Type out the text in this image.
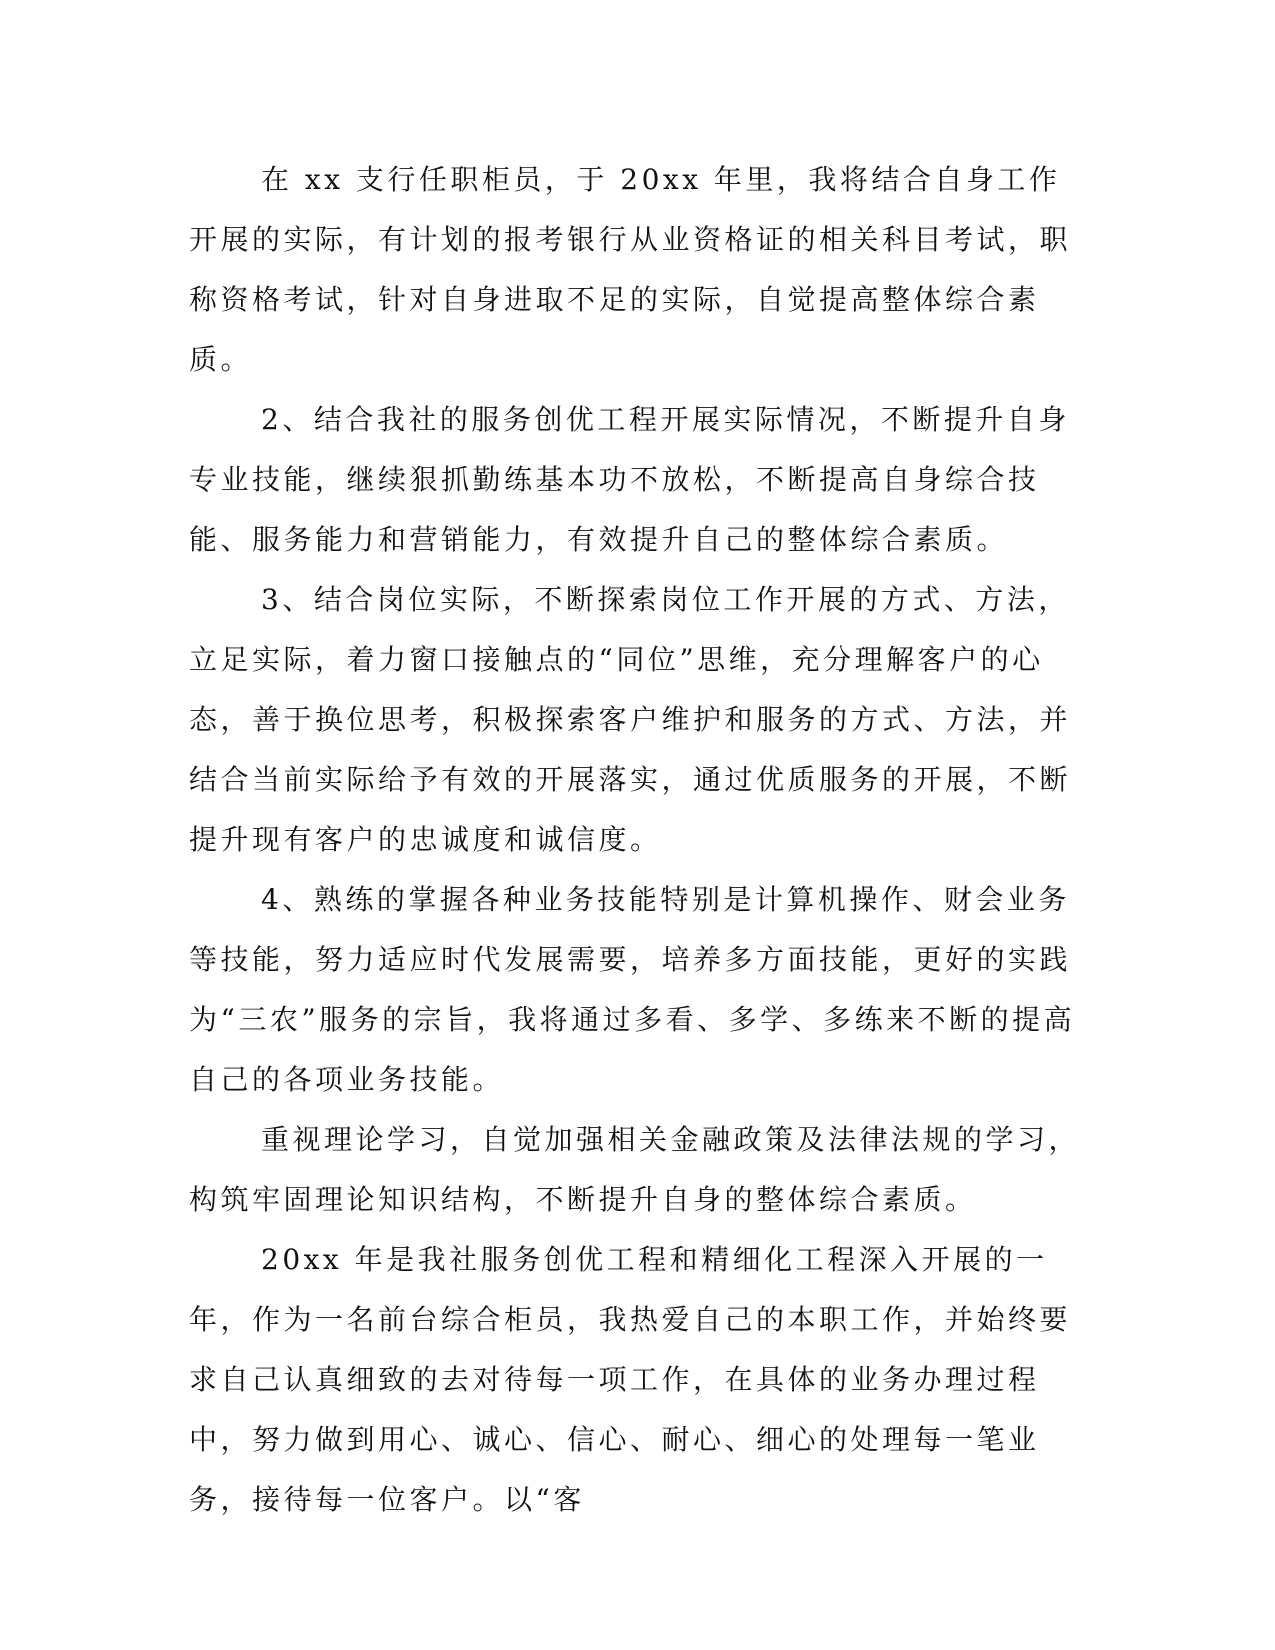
在 xx 支行任职柜员，于 20xx 年里，我将结合自身工作开展的实际，有计划的报考银行从业资格证的相关科目考试，职称资格考试，针对自身进取不足的实际，自觉提高整体综合素质。

2、结合我社的服务创优工程开展实际情况，不断提升自身专业技能，继续狠抓勤练基本功不放松，不断提高自身综合技能、服务能力和营销能力，有效提升自己的整体综合素质。

3、结合岗位实际，不断探索岗位工作开展的方式、方法，立足实际，着力窗口接触点的“同位”思维，充分理解客户的心态，善于换位思考，积极探索客户维护和服务的方式、方法，并结合当前实际给予有效的开展落实，通过优质服务的开展，不断提升现有客户的忠诚度和诚信度。

4、熟练的掌握各种业务技能特别是计算机操作、财会业务等技能，努力适应时代发展需要，培养多方面技能，更好的实践为“三农”服务的宗旨，我将通过多看、多学、多练来不断的提高自己的各项业务技能。

重视理论学习，自觉加强相关金融政策及法律法规的学习，构筑牢固理论知识结构，不断提升自身的整体综合素质。

20xx 年是我社服务创优工程和精细化工程深入开展的一年，作为一名前台综合柜员，我热爱自己的本职工作，并始终要求自己认真细致的去对待每一项工作，在具体的业务办理过程中，努力做到用心、诚心、信心、耐心、细心的处理每一笔业务，接待每一位客户。以“客
